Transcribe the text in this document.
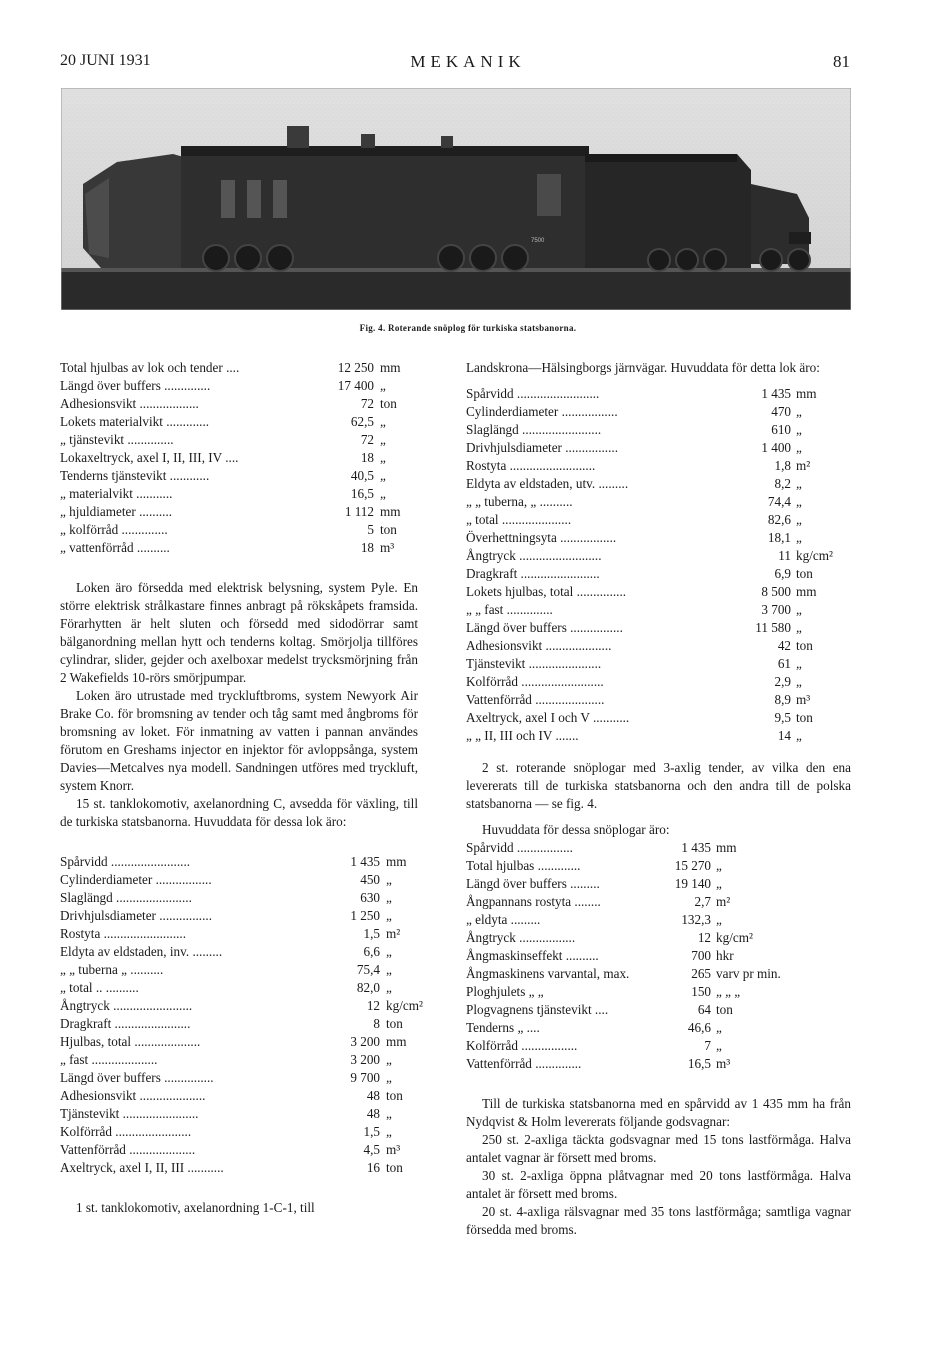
20 JUNI 1931	MEKANIK	81
7500
Fig. 4. Roterande snöplog för turkiska statsbanorna.
Total hjulbas av lok och tender ....	12 250 mm
Längd över buffers ..............	17 400 „
Adhesionsvikt ..................	72 ton
Lokets materialvikt .............	62,5 „
„ tjänstevikt ..............	72 „
Lokaxeltryck, axel I, II, III, IV ....	18 „
Tenderns tjänstevikt ............	40,5 „
„ materialvikt ...........	16,5 „
„ hjuldiameter ..........	1 112 mm
„ kolförråd ..............	5 ton
„ vattenförråd ..........	18 m³

Loken äro försedda med elektrisk belysning, system Pyle. En större elektrisk strålkastare finnes anbragt på rökskåpets framsida. Förarhytten är helt sluten och försedd med sidodörrar samt bälganordning mellan hytt och tenderns koltag. Smörjolja tillföres cylindrar, slider, gejder och axelboxar medelst trycksmörjning från 2 Wakefields 10-rörs smörjpumpar.

Loken äro utrustade med tryckluftbroms, system Newyork Air Brake Co. för bromsning av tender och tåg samt med ångbroms för bromsning av loket. För inmatning av vatten i pannan användes förutom en Greshams injector en injektor för avloppsånga, system Davies—Metcalves nya modell. Sandningen utföres med tryckluft, system Knorr.

15 st. tanklokomotiv, axelanordning C, avsedda för växling, till de turkiska statsbanorna. Huvuddata för dessa lok äro:

Spårvidd ........................	1 435 mm
Cylinderdiameter .................	450 „
Slaglängd .......................	630 „
Drivhjulsdiameter ................	1 250 „
Rostyta .........................	1,5 m²
Eldyta av eldstaden, inv. .........	6,6 „
„ „ tuberna „ ..........	75,4 „
„ total .. ..........	82,0 „
Ångtryck ........................	12 kg/cm²
Dragkraft .......................	8 ton
Hjulbas, total ....................	3 200 mm
„ fast ....................	3 200 „
Längd över buffers ...............	9 700 „
Adhesionsvikt ....................	48 ton
Tjänstevikt .......................	48 „
Kolförråd .......................	1,5 „
Vattenförråd ....................	4,5 m³
Axeltryck, axel I, II, III ...........	16 ton

1 st. tanklokomotiv, axelanordning 1-C-1, till

Landskrona—Hälsingborgs järnvägar. Huvuddata för detta lok äro:

Spårvidd .........................	1 435 mm
Cylinderdiameter .................	470 „
Slaglängd ........................	610 „
Drivhjulsdiameter ................	1 400 „
Rostyta ..........................	1,8 m²
Eldyta av eldstaden, utv. .........	8,2 „
„ „ tuberna, „ ..........	74,4 „
„ total .....................	82,6 „
Överhettningsyta .................	18,1 „
Ångtryck .........................	11 kg/cm²
Dragkraft ........................	6,9 ton
Lokets hjulbas, total ...............	8 500 mm
„ „ fast ..............	3 700 „
Längd över buffers ................	11 580 „
Adhesionsvikt ....................	42 ton
Tjänstevikt ......................	61 „
Kolförråd .........................	2,9 „
Vattenförråd .....................	8,9 m³
Axeltryck, axel I och V ...........	9,5 ton
„ „ II, III och IV .......	14 „

2 st. roterande snöplogar med 3-axlig tender, av vilka den ena levererats till de turkiska statsbanorna och den andra till de polska statsbanorna — se fig. 4.

Huvuddata för dessa snöplogar äro:

Spårvidd .................	1 435 mm
Total hjulbas .............	15 270 „
Längd över buffers .........	19 140 „
Ångpannans rostyta ........	2,7 m²
„ eldyta .........	132,3 „
Ångtryck .................	12 kg/cm²
Ångmaskinseffekt ..........	700 hkr
Ångmaskinens varvantal, max.	265 varv pr min.
Ploghjulets „ „	150 „ „ „
Plogvagnens tjänstevikt ....	64 ton
Tenderns „ ....	46,6 „
Kolförråd .................	7 „
Vattenförråd ..............	16,5 m³

Till de turkiska statsbanorna med en spårvidd av 1 435 mm ha från Nydqvist & Holm levererats följande godsvagnar:

250 st. 2-axliga täckta godsvagnar med 15 tons lastförmåga. Halva antalet vagnar är försett med broms.

30 st. 2-axliga öppna plåtvagnar med 20 tons lastförmåga. Halva antalet är försett med broms.

20 st. 4-axliga rälsvagnar med 35 tons lastförmåga; samtliga vagnar försedda med broms.
